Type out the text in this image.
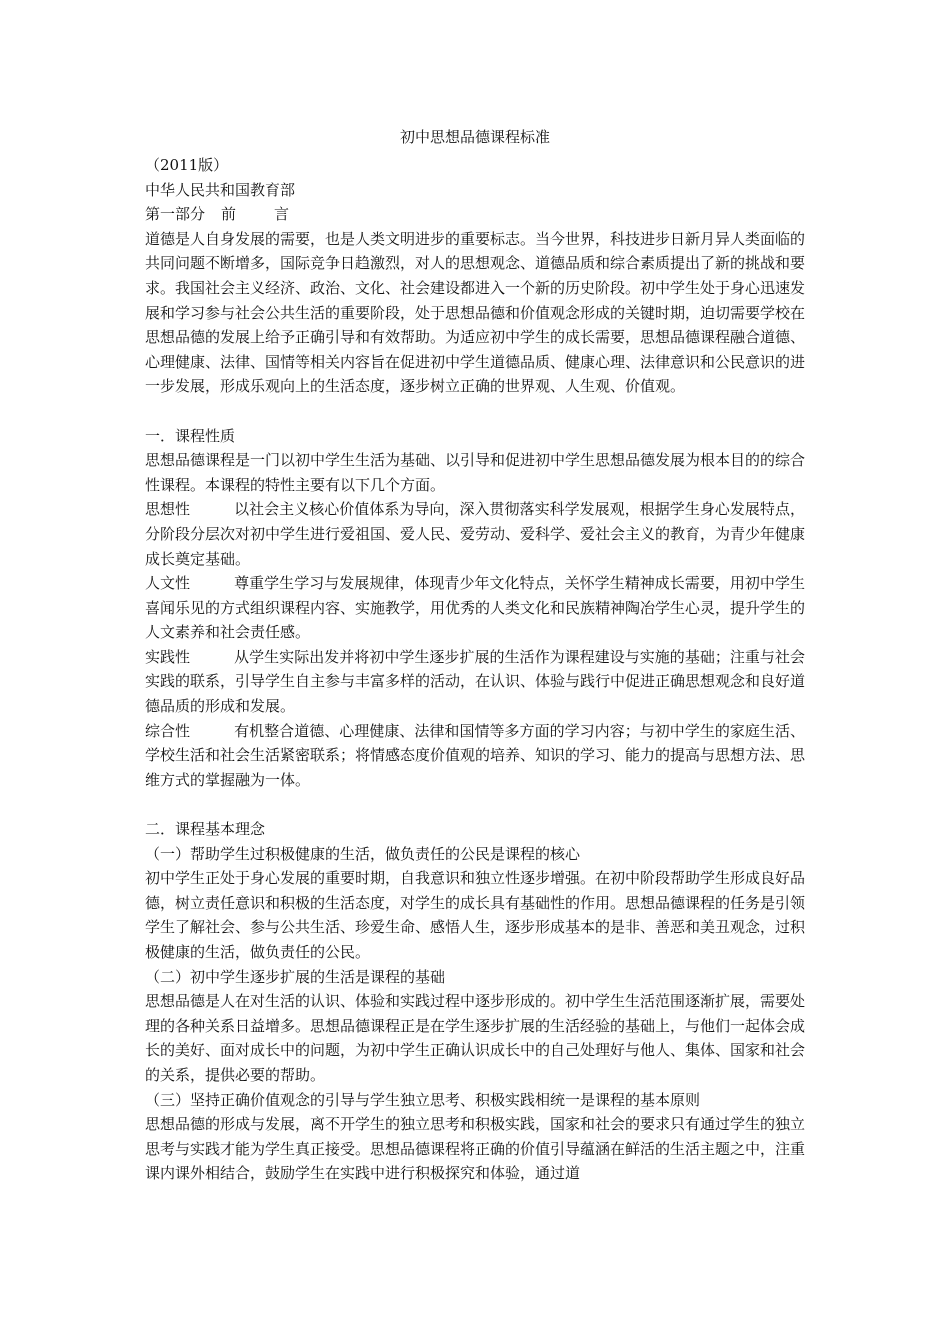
初中思想品德课程标准

（2011版）

中华人民共和国教育部

第一部分 前	言

道德是人自身发展的需要，也是人类文明进步的重要标志。当今世界，科技进步日新月异人类面临的共同问题不断增多，国际竞争日趋激烈，对人的思想观念、道德品质和综合素质提出了新的挑战和要求。我国社会主义经济、政治、文化、社会建设都进入一个新的历史阶段。初中学生处于身心迅速发展和学习参与社会公共生活的重要阶段，处于思想品德和价值观念形成的关键时期，迫切需要学校在思想品德的发展上给予正确引导和有效帮助。为适应初中学生的成长需要，思想品德课程融合道德、心理健康、法律、国情等相关内容旨在促进初中学生道德品质、健康心理、法律意识和公民意识的进一步发展，形成乐观向上的生活态度，逐步树立正确的世界观、人生观、价值观。

一．课程性质

思想品德课程是一门以初中学生生活为基础、以引导和促进初中学生思想品德发展为根本目的的综合性课程。本课程的特性主要有以下几个方面。

思想性	以社会主义核心价值体系为导向，深入贯彻落实科学发展观，根据学生身心发展特点，分阶段分层次对初中学生进行爱祖国、爱人民、爱劳动、爱科学、爱社会主义的教育，为青少年健康成长奠定基础。

人文性	尊重学生学习与发展规律，体现青少年文化特点，关怀学生精神成长需要，用初中学生喜闻乐见的方式组织课程内容、实施教学，用优秀的人类文化和民族精神陶冶学生心灵，提升学生的人文素养和社会责任感。

实践性	从学生实际出发并将初中学生逐步扩展的生活作为课程建设与实施的基础；注重与社会实践的联系，引导学生自主参与丰富多样的活动，在认识、体验与践行中促进正确思想观念和良好道德品质的形成和发展。

综合性	有机整合道德、心理健康、法律和国情等多方面的学习内容；与初中学生的家庭生活、学校生活和社会生活紧密联系；将情感态度价值观的培养、知识的学习、能力的提高与思想方法、思维方式的掌握融为一体。

二．课程基本理念

（一）帮助学生过积极健康的生活，做负责任的公民是课程的核心

初中学生正处于身心发展的重要时期，自我意识和独立性逐步增强。在初中阶段帮助学生形成良好品德，树立责任意识和积极的生活态度，对学生的成长具有基础性的作用。思想品德课程的任务是引领学生了解社会、参与公共生活、珍爱生命、感悟人生，逐步形成基本的是非、善恶和美丑观念，过积极健康的生活，做负责任的公民。

（二）初中学生逐步扩展的生活是课程的基础

思想品德是人在对生活的认识、体验和实践过程中逐步形成的。初中学生生活范围逐渐扩展，需要处理的各种关系日益增多。思想品德课程正是在学生逐步扩展的生活经验的基础上，与他们一起体会成长的美好、面对成长中的问题，为初中学生正确认识成长中的自己处理好与他人、集体、国家和社会的关系，提供必要的帮助。

（三）坚持正确价值观念的引导与学生独立思考、积极实践相统一是课程的基本原则

思想品德的形成与发展，离不开学生的独立思考和积极实践，国家和社会的要求只有通过学生的独立思考与实践才能为学生真正接受。思想品德课程将正确的价值引导蕴涵在鲜活的生活主题之中，注重课内课外相结合，鼓励学生在实践中进行积极探究和体验，通过道
